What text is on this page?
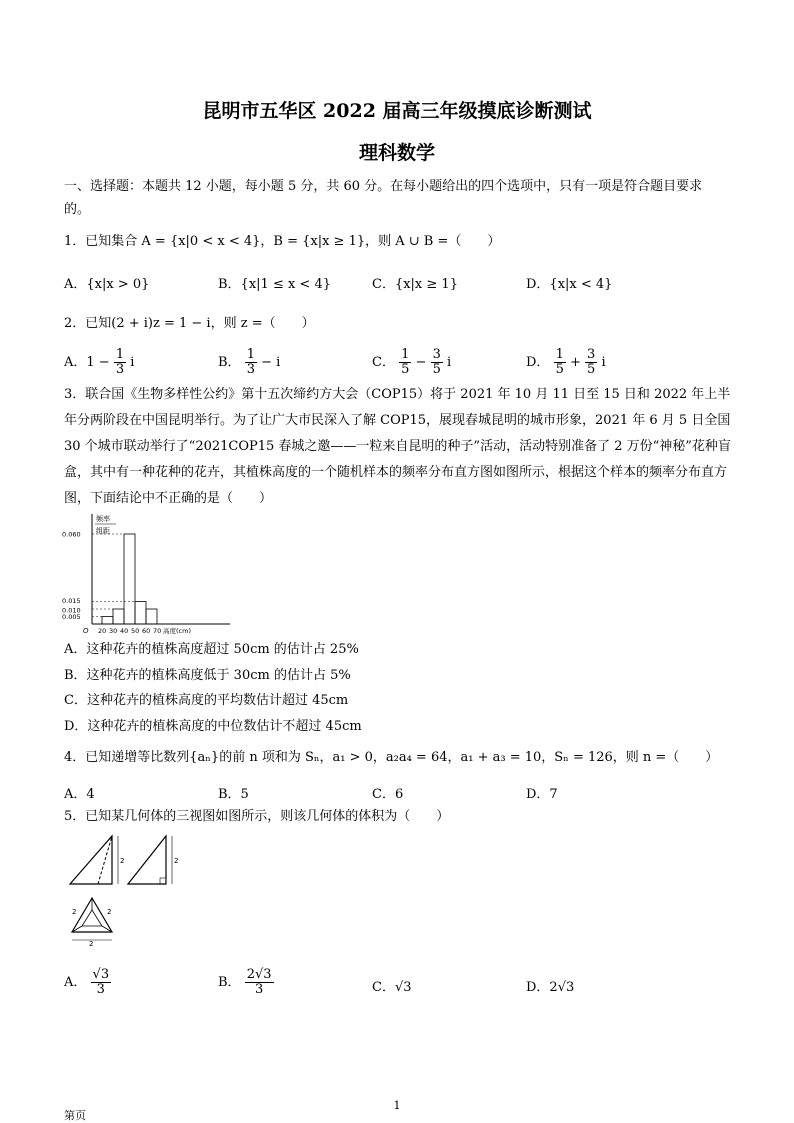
昆明市五华区 2022 届高三年级摸底诊断测试
理科数学
一、选择题：本题共 12 小题，每小题 5 分，共 60 分。在每小题给出的四个选项中，只有一项是符合题目要求
的。
1．已知集合 A = {x|0 < x < 4}，B = {x|x ≥ 1}，则 A ∪ B =（　　）
A．{x|x > 0}	B．{x|1 ≤ x < 4}	C．{x|x ≥ 1}	D．{x|x < 4}
2．已知(2 + i)z = 1 − i，则 z =（　　）
A．$1 - \frac{1}{3}$ i	B． $\frac{1}{3} - i$	C． $\frac{1}{5} - \frac{3}{5}$ i	D． $\frac{1}{5} + \frac{3}{5}$ i
3．联合国《生物多样性公约》第十五次缔约方大会（COP15）将于 2021 年 10 月 11 日至 15 日和 2022 年上半年分两阶段在中国昆明举行。为了让广大市民深入了解 COP15，展现春城昆明的城市形象，2021 年 6 月 5 日全国 30 个城市联动举行了“2021COP15 春城之邀——一粒来自昆明的种子”活动，活动特别准备了 2 万份“神秘”花种盲盒，其中有一种花种的花卉，其植株高度的一个随机样本的频率分布直方图如图所示，根据这个样本的频率分布直方图，下面结论中不正确的是（　　）
频率
组距
O
0.060
0.015
0.010
0.005
20 30 40 50 60 70 高度(cm)
A．这种花卉的植株高度超过 50cm 的估计占 25%
B．这种花卉的植株高度低于 30cm 的估计占 5%
C．这种花卉的植株高度的平均数估计超过 45cm
D．这种花卉的植株高度的中位数估计不超过 45cm
4．已知递增等比数列{aₙ}的前 n 项和为 Sₙ，a₁ > 0，a₂a₄ = 64，a₁ + a₃ = 10，Sₙ = 126，则 n =（　　）
A．4	B．5	C．6	D．7
5．已知某几何体的三视图如图所示，则该几何体的体积为（　　）
2	2
2	2
2
A． $\frac{√3}{3}$	B． $\frac{2√3}{3}$	C．√3	D．2√3
1
第页
